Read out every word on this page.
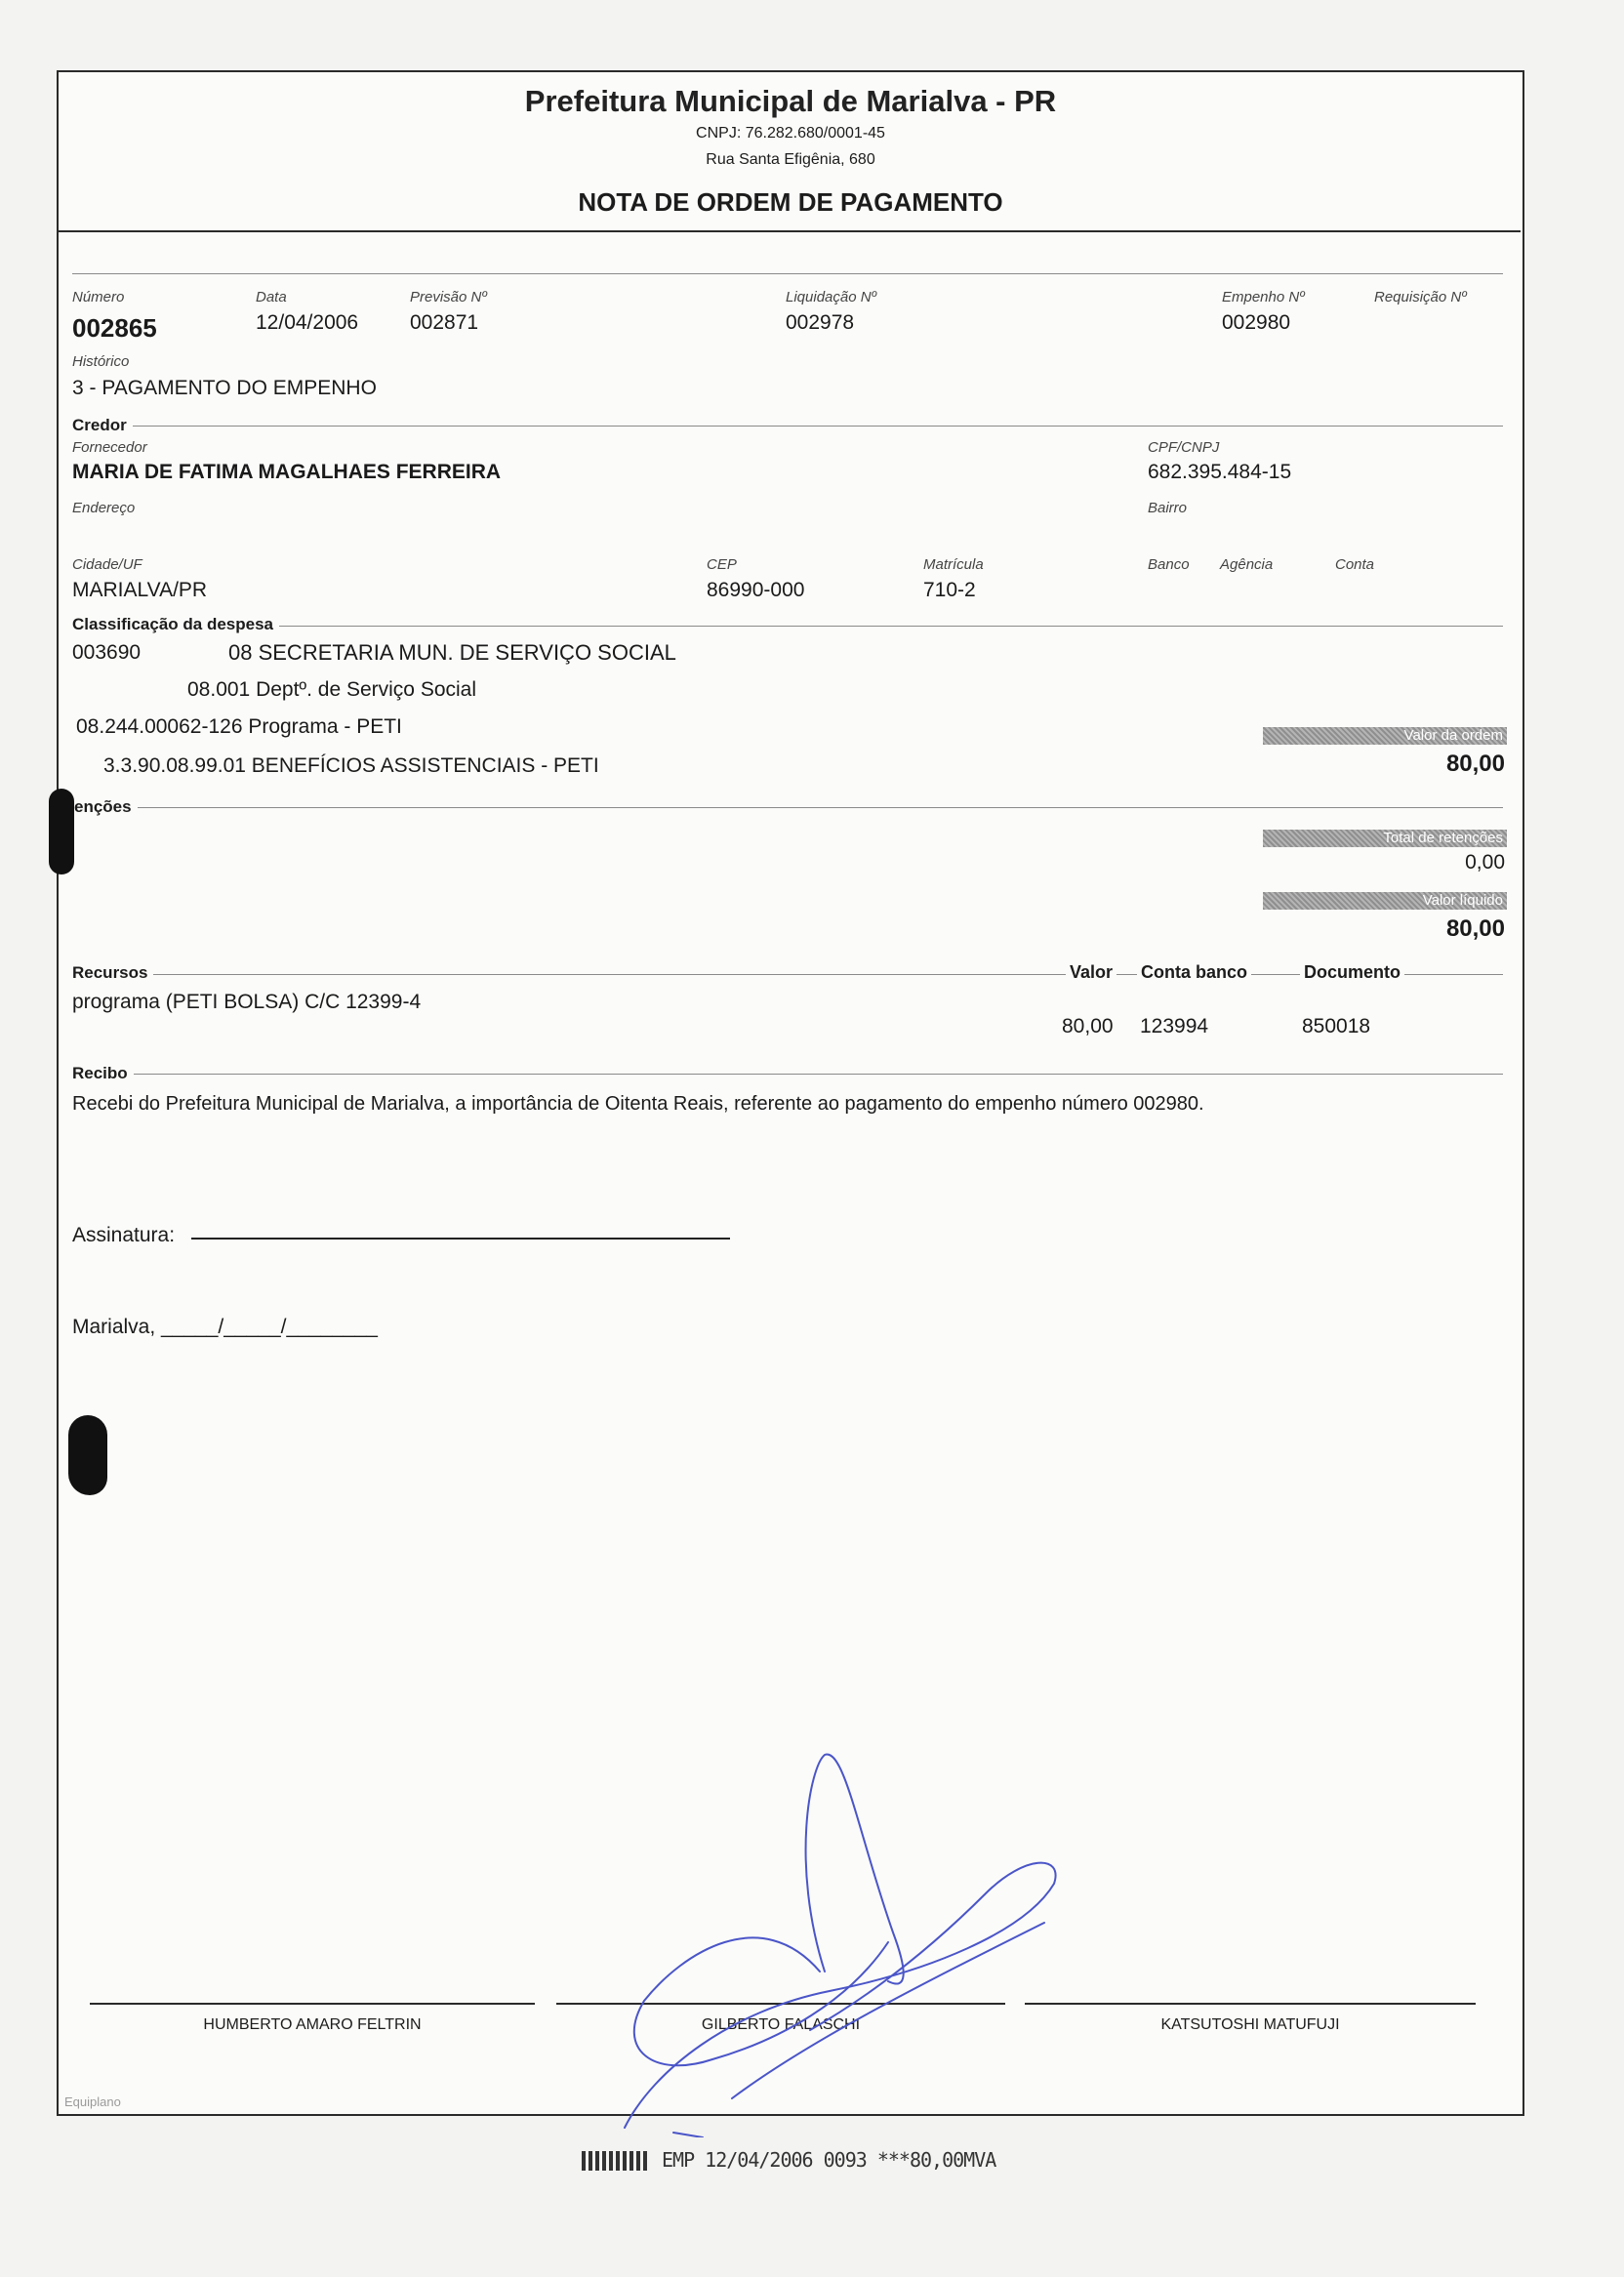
Prefeitura Municipal de Marialva - PR
CNPJ: 76.282.680/0001-45
Rua Santa Efigênia, 680
NOTA DE ORDEM DE PAGAMENTO
Número
002865
Data
12/04/2006
Previsão Nº
002871
Liquidação Nº
002978
Empenho Nº
002980
Requisição Nº
Histórico
3 - PAGAMENTO DO EMPENHO
Credor
Fornecedor
MARIA DE FATIMA MAGALHAES FERREIRA
CPF/CNPJ
682.395.484-15
Endereço	Bairro
Cidade/UF
MARIALVA/PR
CEP
86990-000
Matrícula
710-2
Banco Agência	Conta
Classificação da despesa
003690	08 SECRETARIA MUN. DE SERVIÇO SOCIAL
08.001 Deptº. de Serviço Social
08.244.00062-126 Programa - PETI
3.3.90.08.99.01 BENEFÍCIOS ASSISTENCIAIS - PETI
Valor da ordem
80,00
enções
Total de retenções
0,00
Valor líquido
80,00
Recursos	Valor Conta banco	Documento
programa (PETI BOLSA) C/C 12399-4
80,00 123994	850018
Recibo
Recebi do Prefeitura Municipal de Marialva, a importância de Oitenta Reais, referente ao pagamento do empenho número 002980.
Assinatura:
Marialva, _____/_____/________
HUMBERTO AMARO FELTRIN	GILBERTO FALASCHI	KATSUTOSHI MATUFUJI
Equiplano
EMP 12/04/2006 0093 ***80,00MVA
